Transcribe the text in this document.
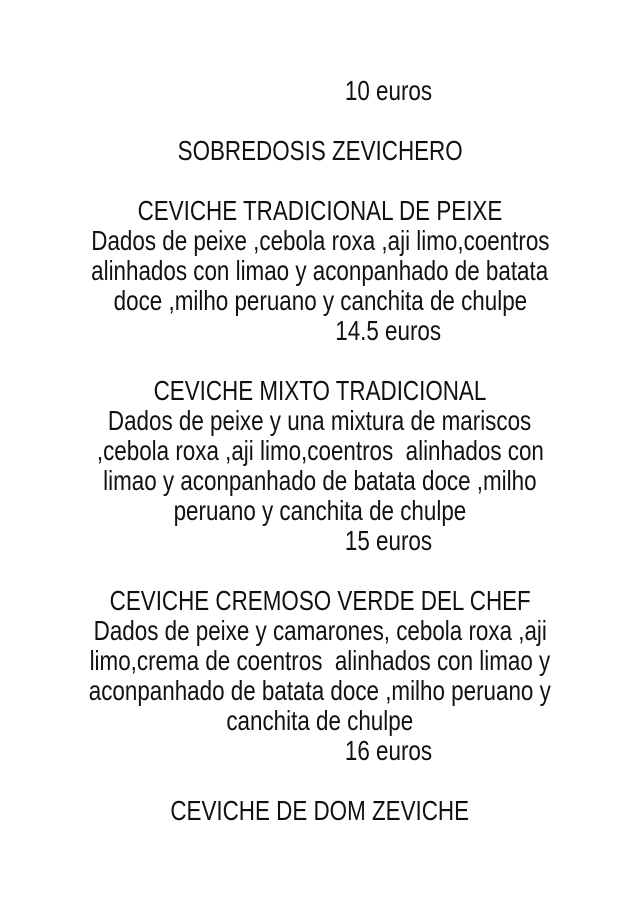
10 euros
SOBREDOSIS ZEVICHERO
CEVICHE TRADICIONAL DE PEIXE
Dados de peixe ,cebola roxa ,aji limo,coentros
alinhados con limao y aconpanhado de batata
doce ,milho peruano y canchita de chulpe
14.5 euros
CEVICHE MIXTO TRADICIONAL
Dados de peixe y una mixtura de mariscos
,cebola roxa ,aji limo,coentros  alinhados con
limao y aconpanhado de batata doce ,milho
peruano y canchita de chulpe
15 euros
CEVICHE CREMOSO VERDE DEL CHEF
Dados de peixe y camarones, cebola roxa ,aji
limo,crema de coentros  alinhados con limao y
aconpanhado de batata doce ,milho peruano y
canchita de chulpe
16 euros
CEVICHE DE DOM ZEVICHE
